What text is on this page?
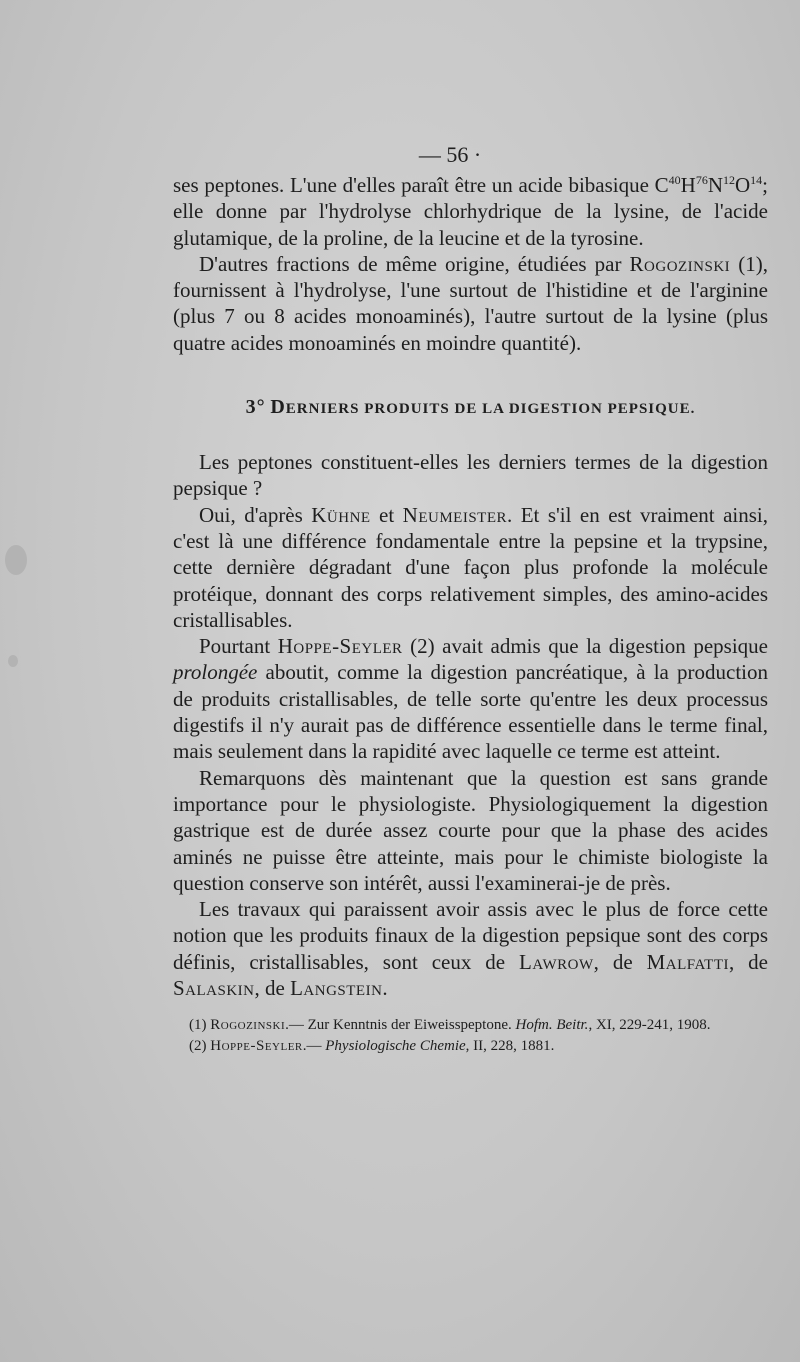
— 56 ·

ses peptones. L'une d'elles paraît être un acide bibasique $C^{40}H^{76}N^{12}O^{14}$; elle donne par l'hydrolyse chlorhydrique de la lysine, de l'acide glutamique, de la proline, de la leucine et de la tyrosine.

D'autres fractions de même origine, étudiées par Rogozinski (1), fournissent à l'hydrolyse, l'une surtout de l'histidine et de l'arginine (plus 7 ou 8 acides monoaminés), l'autre surtout de la lysine (plus quatre acides monoaminés en moindre quantité).

3° DERNIERS PRODUITS DE LA DIGESTION PEPSIQUE.

Les peptones constituent-elles les derniers termes de la digestion pepsique ?

Oui, d'après Kühne et Neumeister. Et s'il en est vraiment ainsi, c'est là une différence fondamentale entre la pepsine et la trypsine, cette dernière dégradant d'une façon plus profonde la molécule protéique, donnant des corps relativement simples, des amino-acides cristallisables.

Pourtant Hoppe-Seyler (2) avait admis que la digestion pepsique prolongée aboutit, comme la digestion pancréatique, à la production de produits cristallisables, de telle sorte qu'entre les deux processus digestifs il n'y aurait pas de différence essentielle dans le terme final, mais seulement dans la rapidité avec laquelle ce terme est atteint.

Remarquons dès maintenant que la question est sans grande importance pour le physiologiste. Physiologiquement la digestion gastrique est de durée assez courte pour que la phase des acides aminés ne puisse être atteinte, mais pour le chimiste biologiste la question conserve son intérêt, aussi l'examinerai-je de près.

Les travaux qui paraissent avoir assis avec le plus de force cette notion que les produits finaux de la digestion pepsique sont des corps définis, cristallisables, sont ceux de Lawrow, de Malfatti, de Salaskin, de Langstein.

(1) Rogozinski.— Zur Kenntnis der Eiweisspeptone. Hofm. Beitr., XI, 229-241, 1908.

(2) Hoppe-Seyler.— Physiologische Chemie, II, 228, 1881.
